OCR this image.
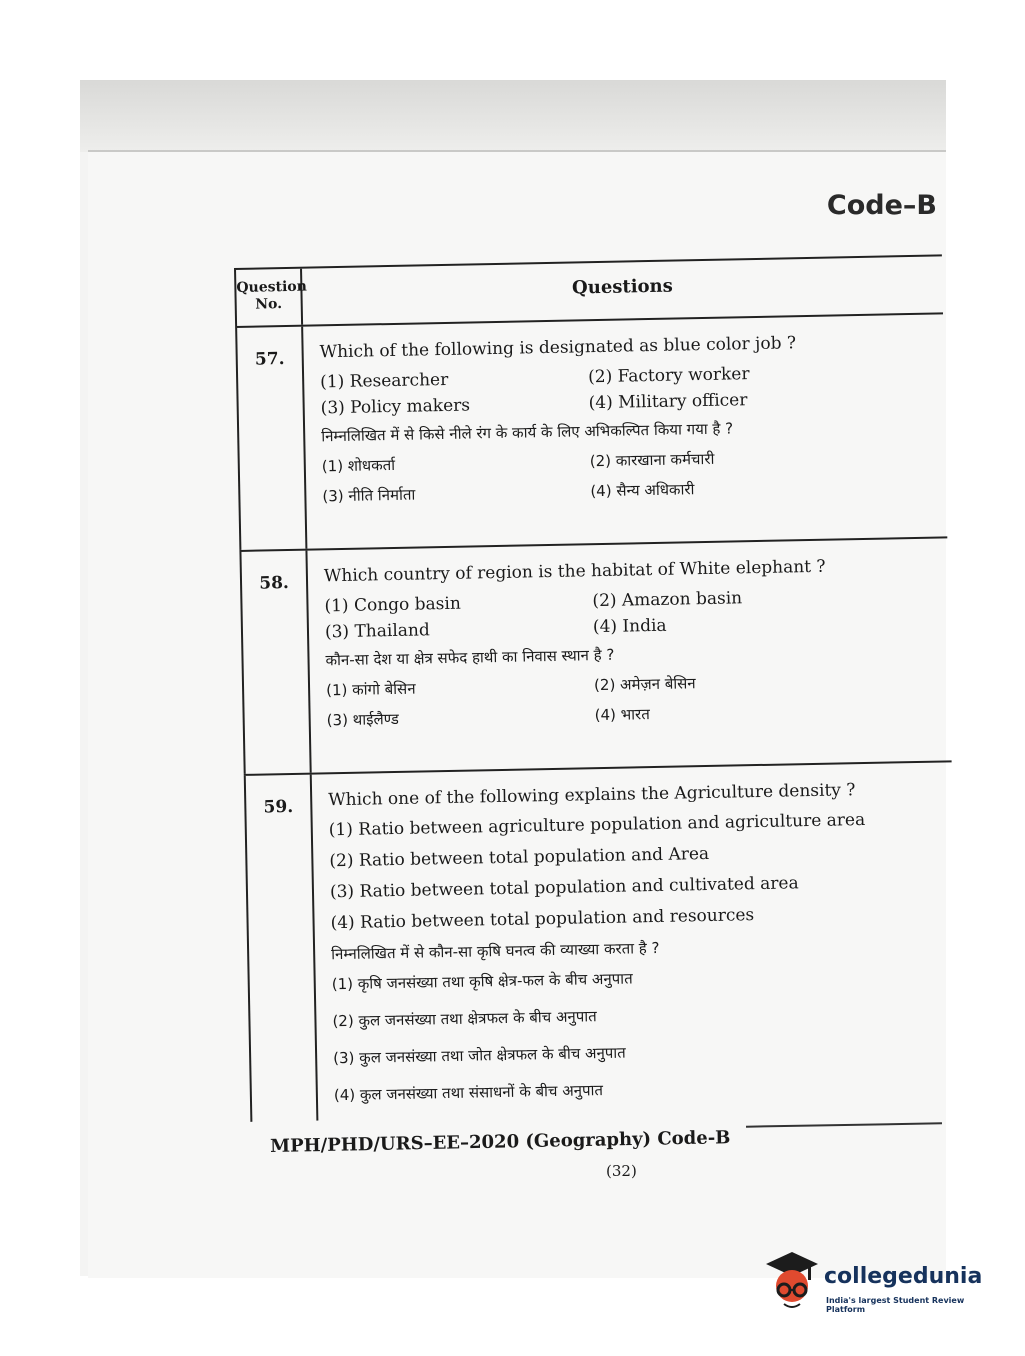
Code–B
Question No.
Questions
57.	Which of the following is designated as blue color job ?
(1) Researcher	(2) Factory worker
(3) Policy makers	(4) Military officer
निम्नलिखित में से किसे नीले रंग के कार्य के लिए अभिकल्पित किया गया है ?
(1) शोधकर्ता	(2) कारखाना कर्मचारी
(3) नीति निर्माता	(4) सैन्य अधिकारी
58.	Which country of region is the habitat of White elephant ?
(1) Congo basin	(2) Amazon basin
(3) Thailand	(4) India
कौन-सा देश या क्षेत्र सफेद हाथी का निवास स्थान है ?
(1) कांगो बेसिन	(2) अमेज़न बेसिन
(3) थाईलैण्ड	(4) भारत
59.	Which one of the following explains the Agriculture density ?
(1) Ratio between agriculture population and agriculture area
(2) Ratio between total population and Area
(3) Ratio between total population and cultivated area
(4) Ratio between total population and resources
निम्नलिखित में से कौन-सा कृषि घनत्व की व्याख्या करता है ?
(1) कृषि जनसंख्या तथा कृषि क्षेत्र-फल के बीच अनुपात
(2) कुल जनसंख्या तथा क्षेत्रफल के बीच अनुपात
(3) कुल जनसंख्या तथा जोत क्षेत्रफल के बीच अनुपात
(4) कुल जनसंख्या तथा संसाधनों के बीच अनुपात
MPH/PHD/URS–EE–2020 (Geography) Code-B
(32)
collegedunia
India's largest Student Review Platform
